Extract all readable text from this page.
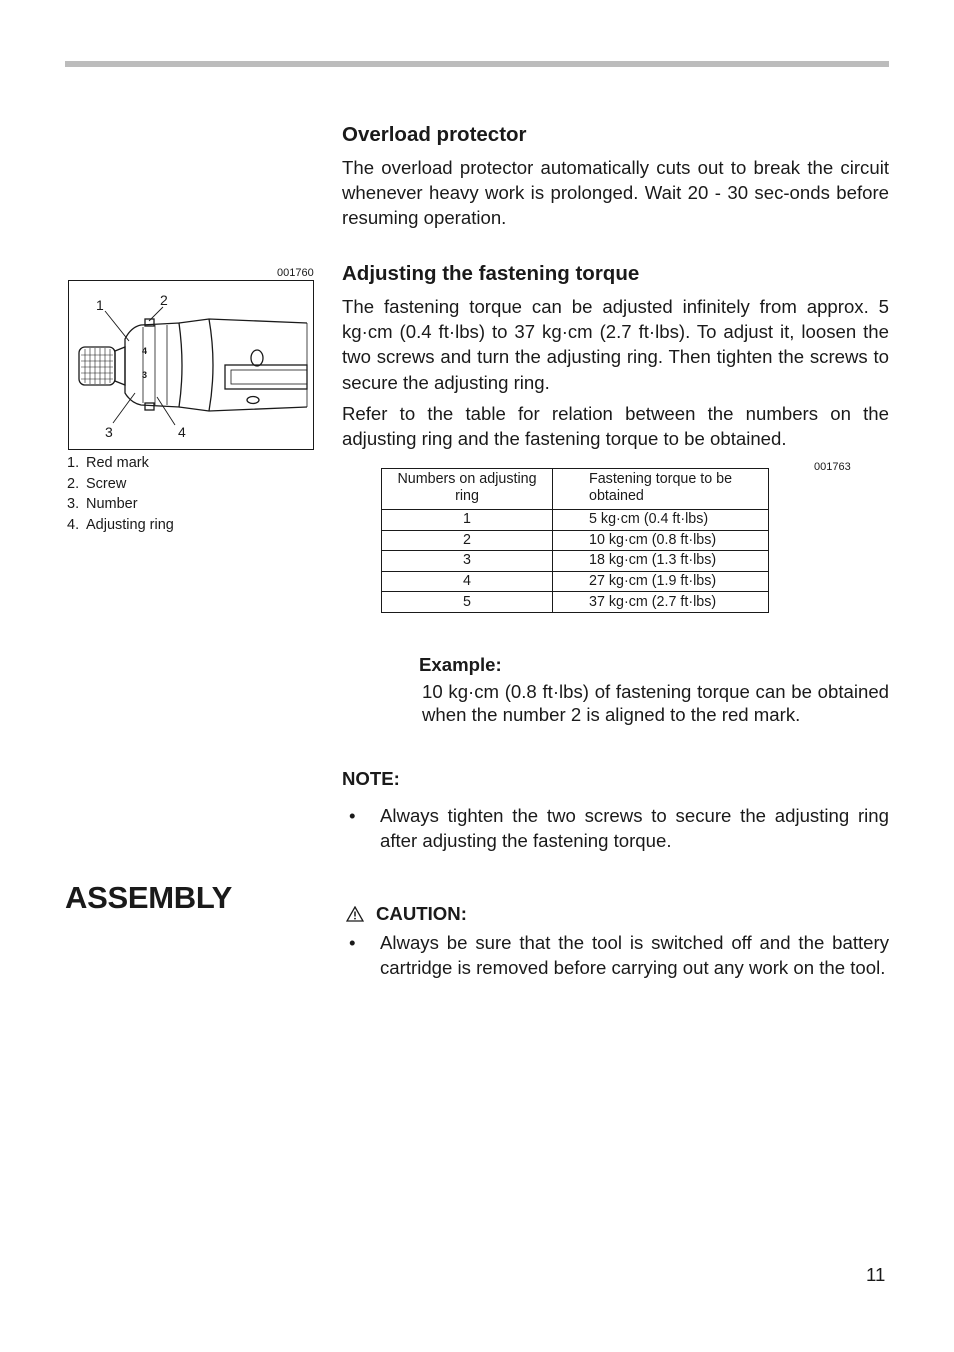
Overload protector
The overload protector automatically cuts out to break the circuit whenever heavy work is prolonged. Wait 20 - 30 sec-onds before resuming operation.
001760
1	2
3	4
4
3
1. Red mark
2. Screw
3. Number
4. Adjusting ring
Adjusting the fastening torque
The fastening torque can be adjusted infinitely from approx. 5 kg·cm (0.4 ft·lbs) to 37 kg·cm (2.7 ft·lbs). To adjust it, loosen the two screws and turn the adjusting ring. Then tighten the screws to secure the adjusting ring.
Refer to the table for relation between the numbers on the adjusting ring and the fastening torque to be obtained.
001763
Numbers on adjusting ring	Fastening torque to be obtained
1	5 kg·cm (0.4 ft·lbs)
2	10 kg·cm (0.8 ft·lbs)
3	18 kg·cm (1.3 ft·lbs)
4	27 kg·cm (1.9 ft·lbs)
5	37 kg·cm (2.7 ft·lbs)
Example:
10 kg·cm (0.8 ft·lbs) of fastening torque can be obtained when the number 2 is aligned to the red mark.
NOTE:
• Always tighten the two screws to secure the adjusting ring after adjusting the fastening torque.
ASSEMBLY	CAUTION:
• Always be sure that the tool is switched off and the battery cartridge is removed before carrying out any work on the tool.
11
